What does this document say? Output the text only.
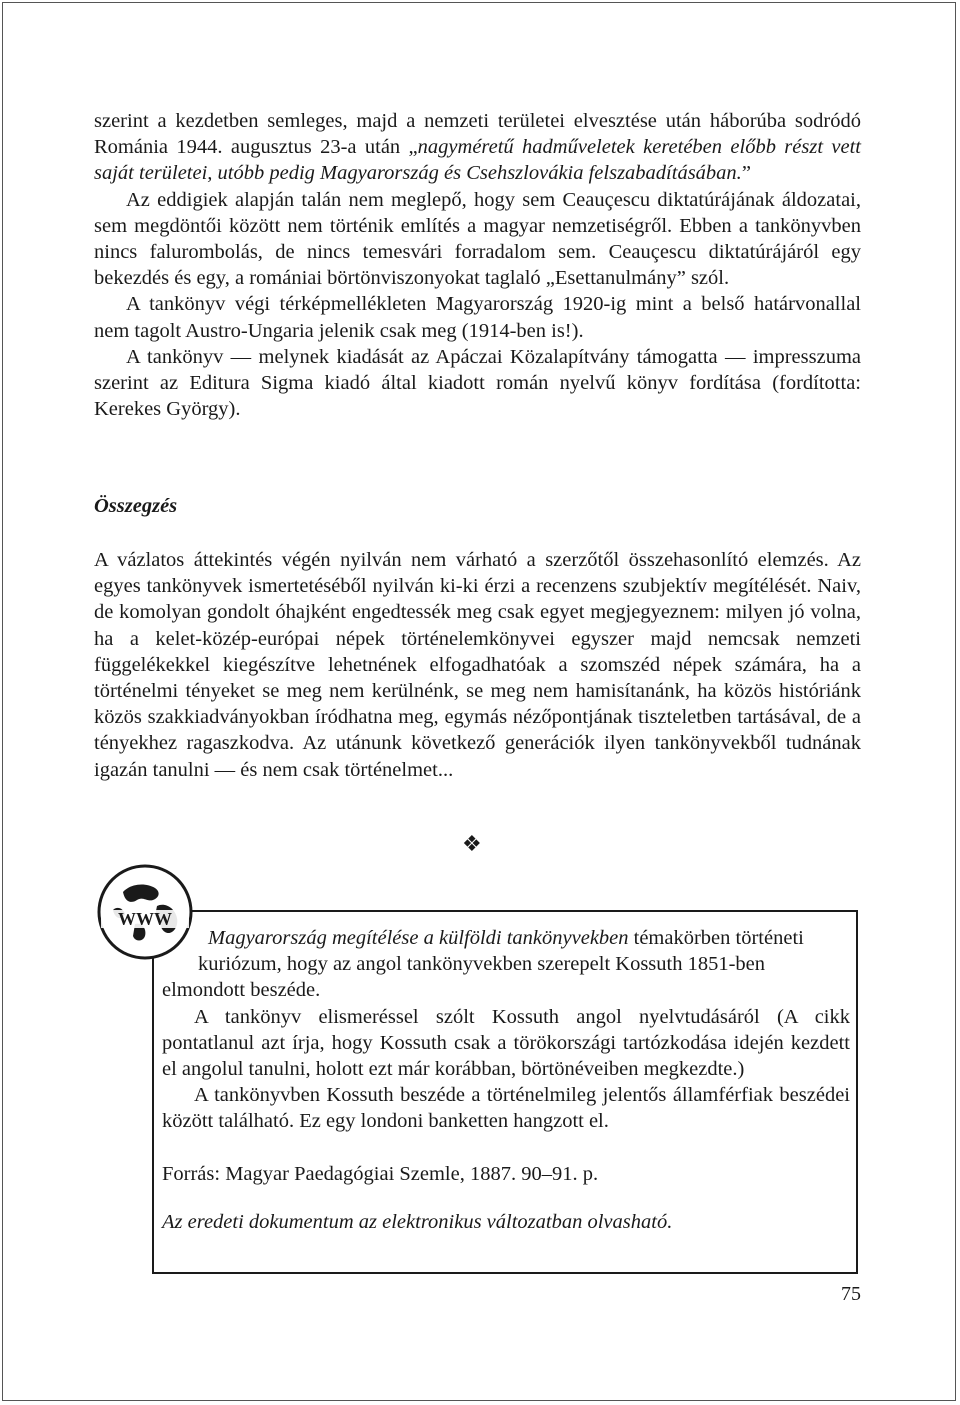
szerint a kezdetben semleges, majd a nemzeti területei elvesztése után háborúba sodródó Románia 1944. augusztus 23-a után „nagyméretű hadműveletek keretében előbb részt vett saját területei, utóbb pedig Magyarország és Csehszlovákia felszabadításában.”

Az eddigiek alapján talán nem meglepő, hogy sem Ceauçescu diktatúrájának áldozatai, sem megdöntői között nem történik említés a magyar nemzetiségről. Ebben a tankönyvben nincs falurombolás, de nincs temesvári forradalom sem. Ceauçescu diktatúrájáról egy bekezdés és egy, a romániai börtönviszonyokat taglaló „Esettanulmány” szól.

A tankönyv végi térképmellékleten Magyarország 1920-ig mint a belső határvonallal nem tagolt Austro-Ungaria jelenik csak meg (1914-ben is!).

A tankönyv — melynek kiadását az Apáczai Közalapítvány támogatta — impresszuma szerint az Editura Sigma kiadó által kiadott román nyelvű könyv fordítása (fordította: Kerekes György).

Összegzés

A vázlatos áttekintés végén nyilván nem várható a szerzőtől összehasonlító elemzés. Az egyes tankönyvek ismertetéséből nyilván ki-ki érzi a recenzens szubjektív megítélését. Naiv, de komolyan gondolt óhajként engedtessék meg csak egyet megjegyeznem: milyen jó volna, ha a kelet-közép-európai népek történelemkönyvei egyszer majd nemcsak nemzeti függelékekkel kiegészítve lehetnének elfogadhatóak a szomszéd népek számára, ha a történelmi tényeket se meg nem kerülnénk, se meg nem hamisítanánk, ha közös históriánk közös szakkiadványokban íródhatna meg, egymás nézőpontjának tiszteletben tartásával, de a tényekhez ragaszkodva. Az utánunk következő generációk ilyen tankönyvekből tudnának igazán tanulni — és nem csak történelmet...

❖
WWW

Magyarország megítélése a külföldi tankönyvekben témakörben történeti

kuriózum, hogy az angol tankönyvekben szerepelt Kossuth 1851-ben

elmondott beszéde.

A tankönyv elismeréssel szólt Kossuth angol nyelvtudásáról (A cikk pontatlanul azt írja, hogy Kossuth csak a törökországi tartózkodása idején kezdett el angolul tanulni, holott ezt már korábban, börtönéveiben megkezdte.)

A tankönyvben Kossuth beszéde a történelmileg jelentős államférfiak beszédei között található. Ez egy londoni banketten hangzott el.

Forrás: Magyar Paedagógiai Szemle, 1887. 90–91. p.

Az eredeti dokumentum az elektronikus változatban olvasható.

75
